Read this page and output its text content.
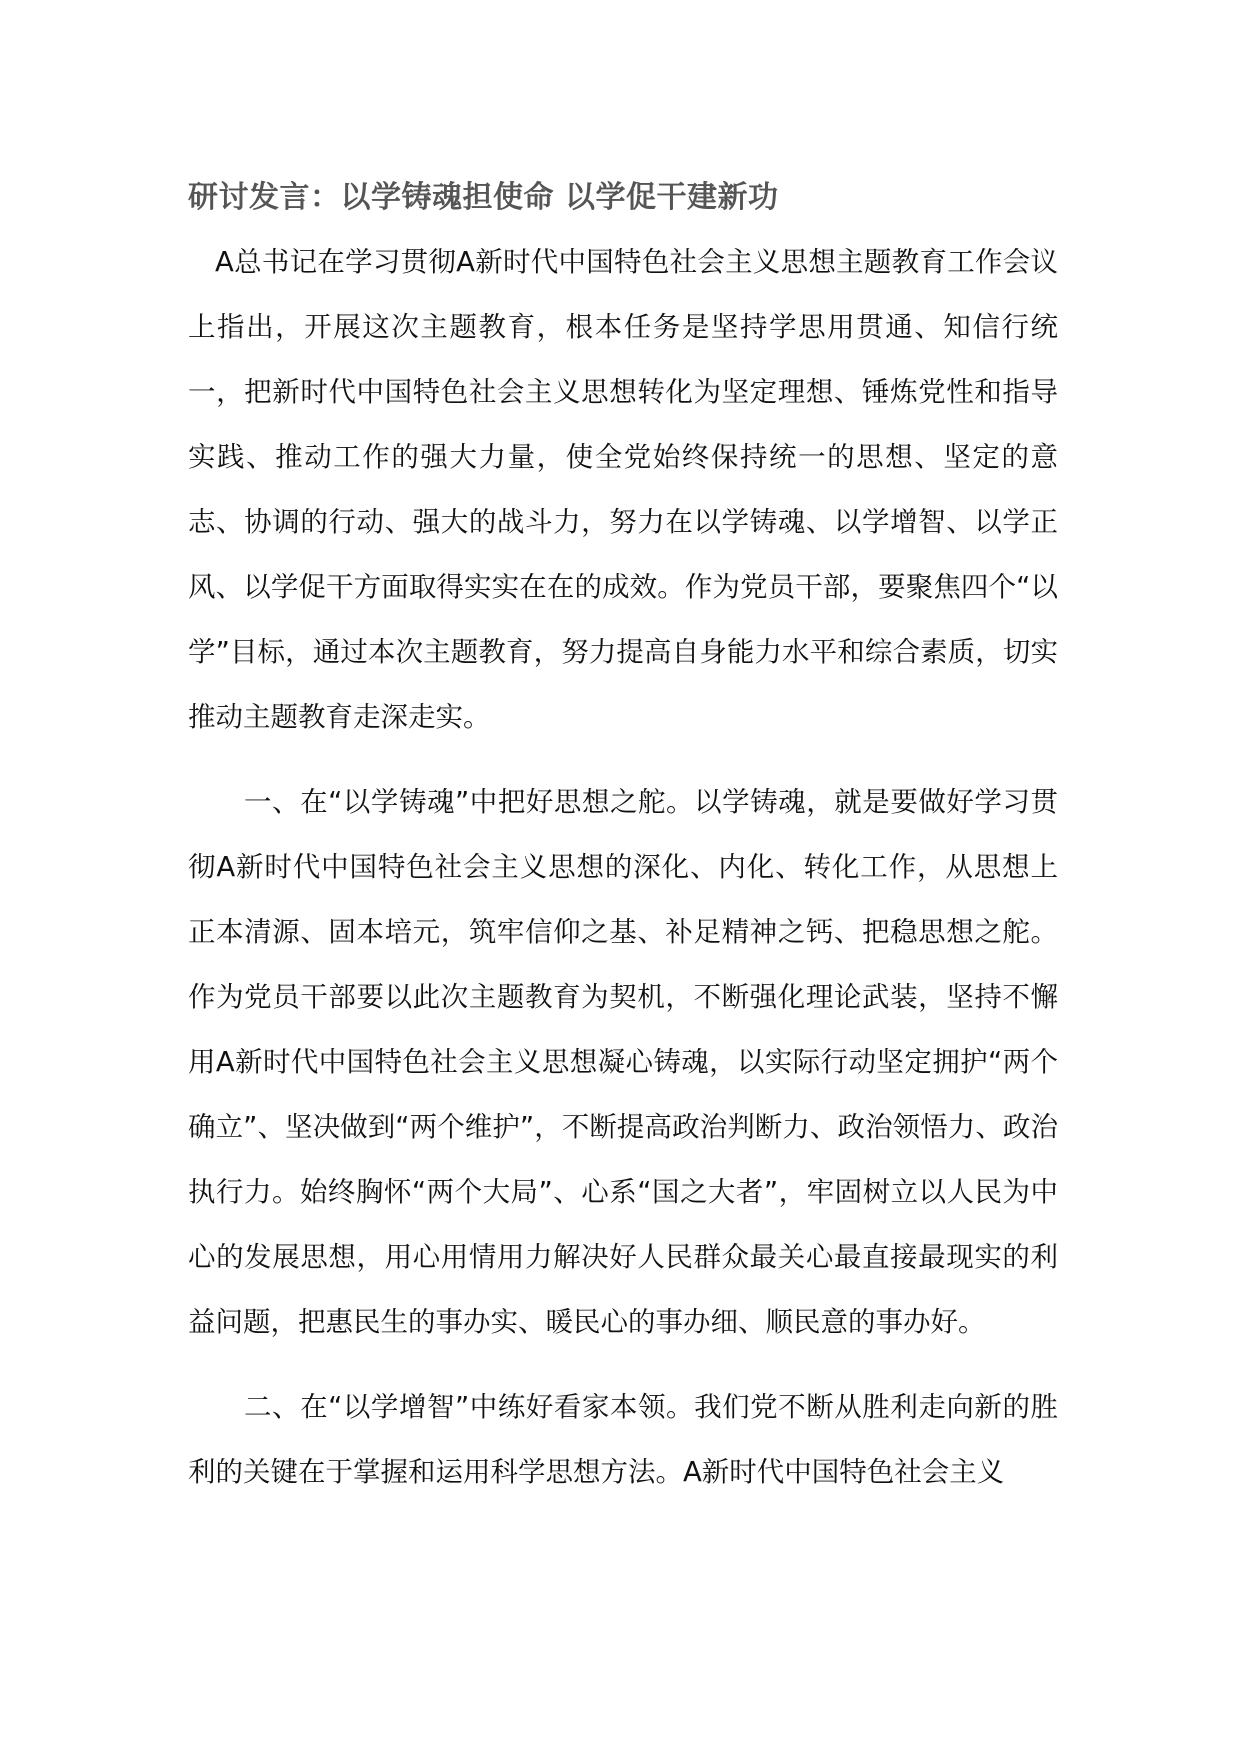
研讨发言：以学铸魂担使命 以学促干建新功

A总书记在学习贯彻A新时代中国特色社会主义思想主题教育工作会议上指出，开展这次主题教育，根本任务是坚持学思用贯通、知信行统一，把新时代中国特色社会主义思想转化为坚定理想、锤炼党性和指导实践、推动工作的强大力量，使全党始终保持统一的思想、坚定的意志、协调的行动、强大的战斗力，努力在以学铸魂、以学增智、以学正风、以学促干方面取得实实在在的成效。作为党员干部，要聚焦四个“以学”目标，通过本次主题教育，努力提高自身能力水平和综合素质，切实推动主题教育走深走实。

一、在“以学铸魂”中把好思想之舵。以学铸魂，就是要做好学习贯彻A新时代中国特色社会主义思想的深化、内化、转化工作，从思想上正本清源、固本培元，筑牢信仰之基、补足精神之钙、把稳思想之舵。作为党员干部要以此次主题教育为契机，不断强化理论武装，坚持不懈用A新时代中国特色社会主义思想凝心铸魂，以实际行动坚定拥护“两个确立”、坚决做到“两个维护”，不断提高政治判断力、政治领悟力、政治执行力。始终胸怀“两个大局”、心系“国之大者”，牢固树立以人民为中心的发展思想，用心用情用力解决好人民群众最关心最直接最现实的利益问题，把惠民生的事办实、暖民心的事办细、顺民意的事办好。

二、在“以学增智”中练好看家本领。我们党不断从胜利走向新的胜利的关键在于掌握和运用科学思想方法。A新时代中国特色社会主义
